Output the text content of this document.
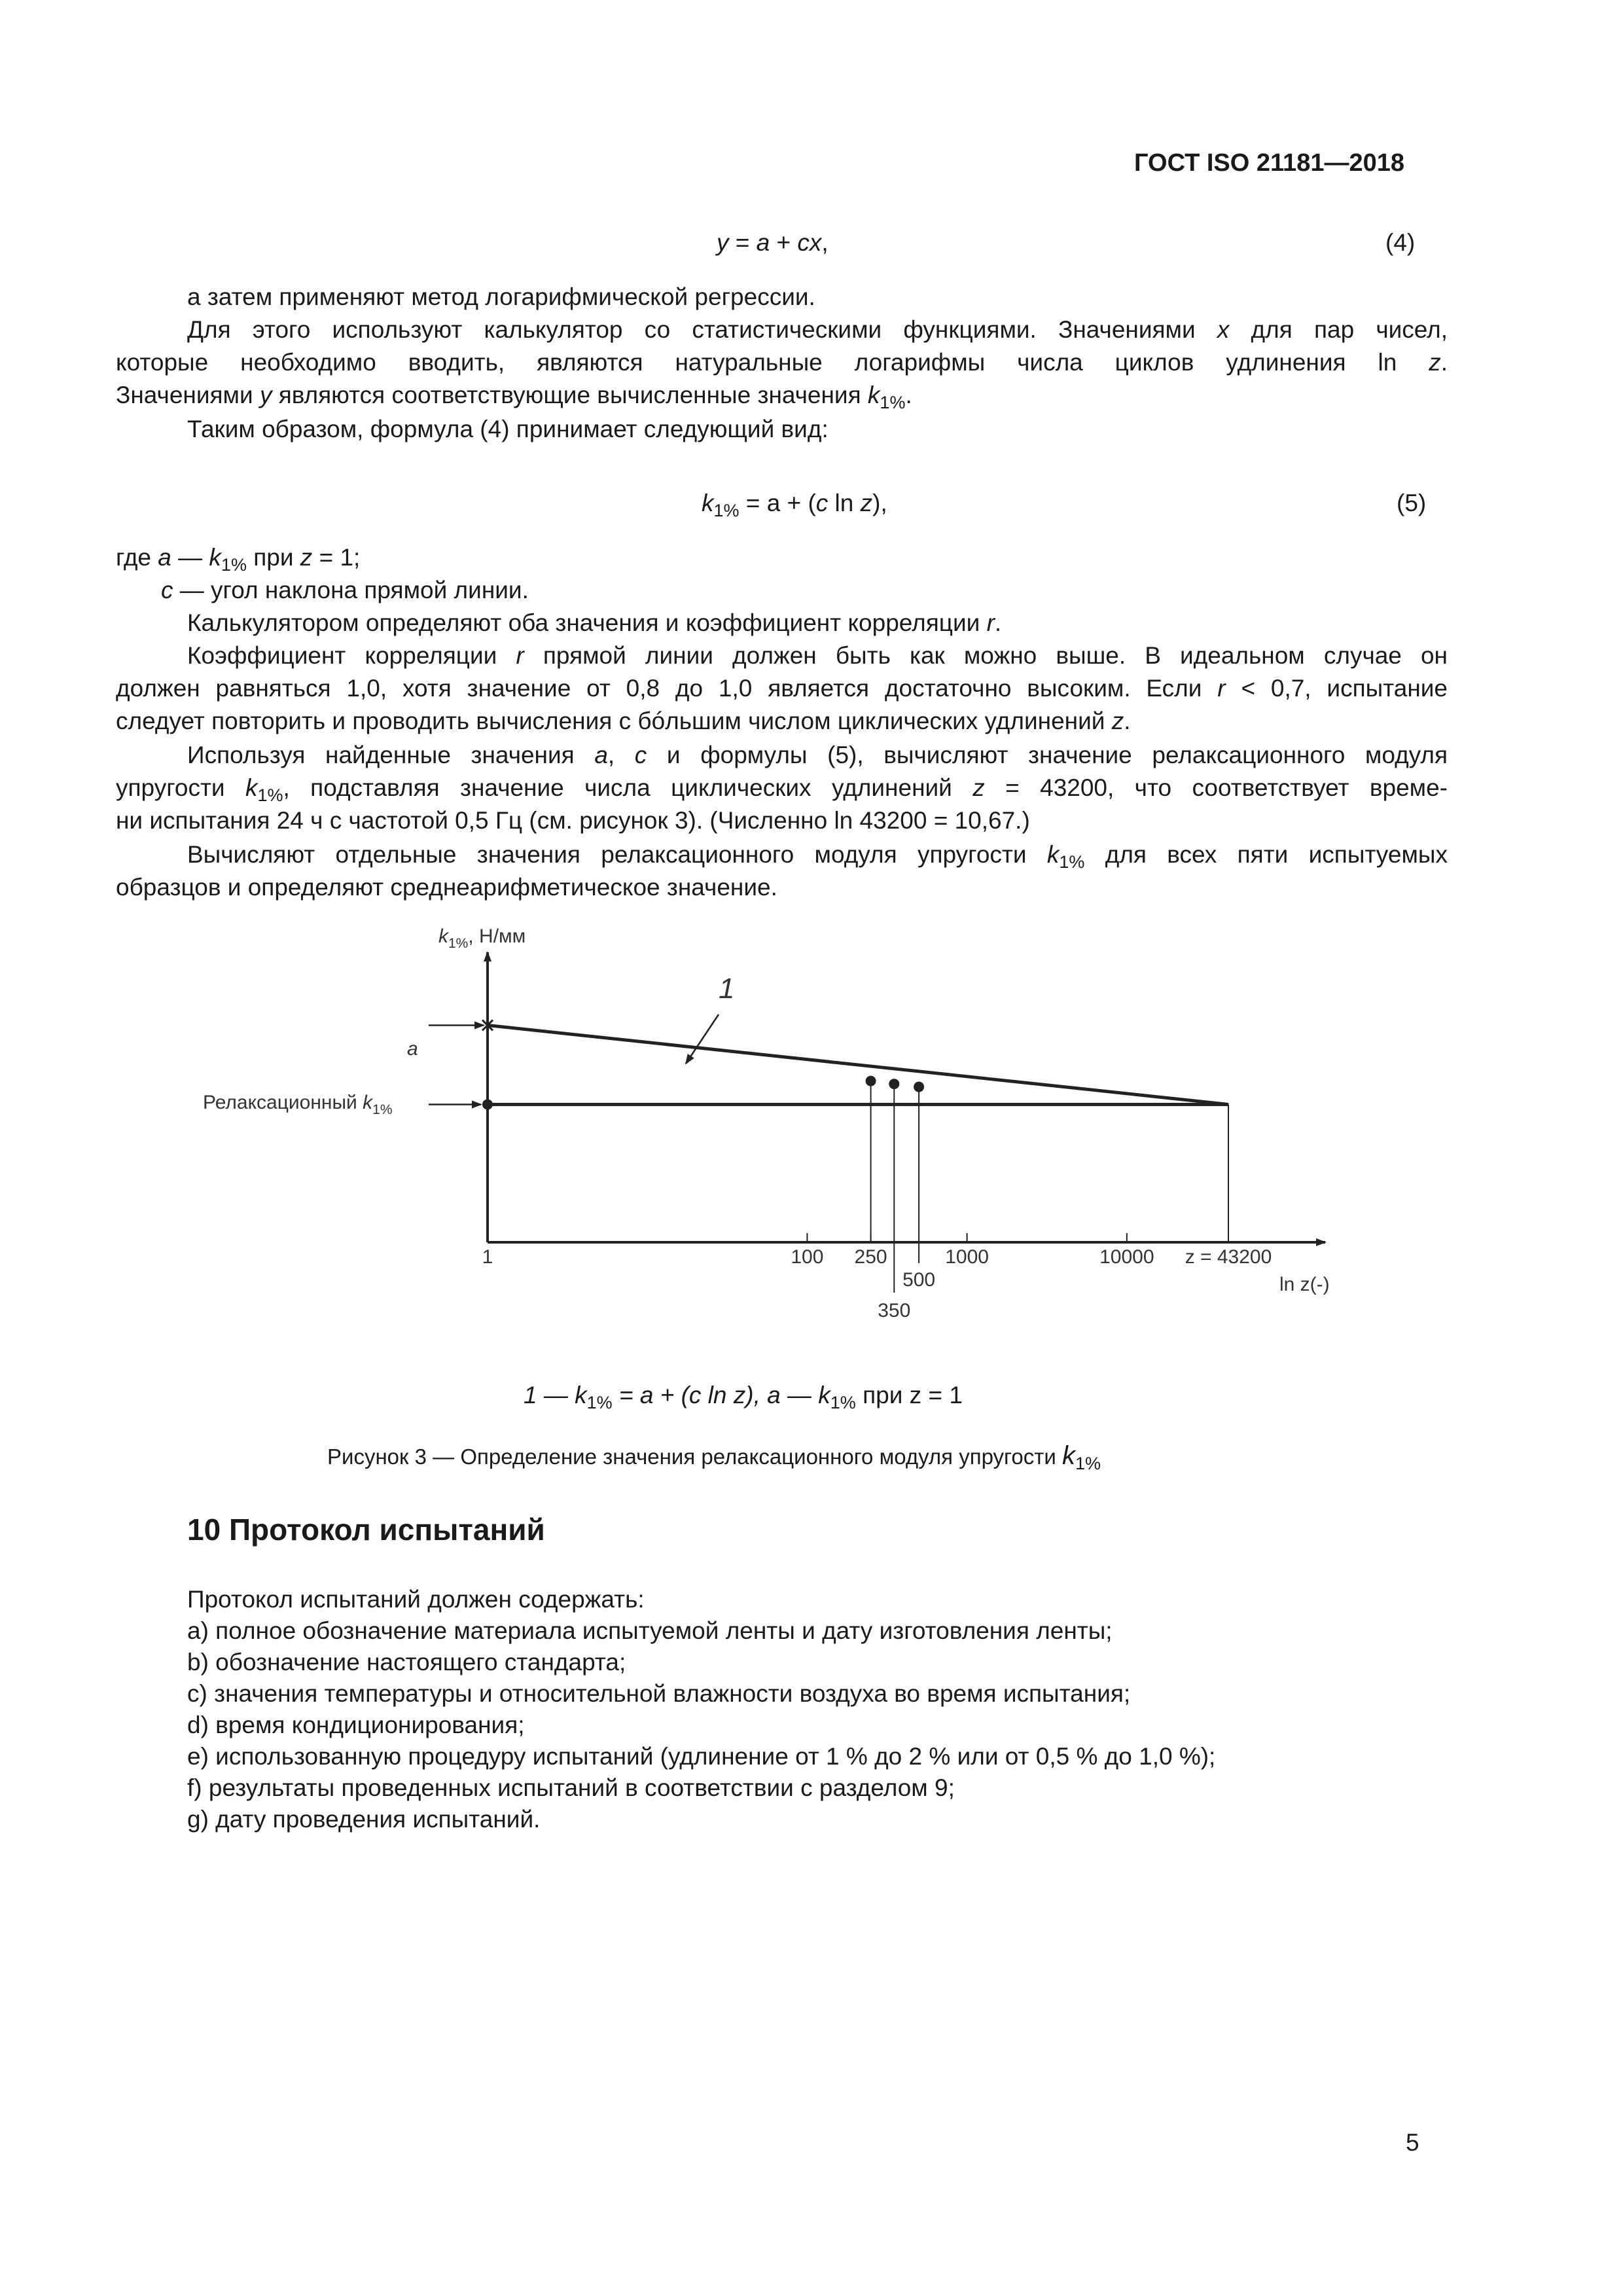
ГОСТ ISO 21181—2018
y = a + cx,	(4)
а затем применяют метод логарифмической регрессии.
Для этого используют калькулятор со статистическими функциями. Значениями x для пар чисел,
которые необходимо вводить, являются натуральные логарифмы числа циклов удлинения ln z.
Значениями y являются соответствующие вычисленные значения $k_{1\%}$.
Таким образом, формула (4) принимает следующий вид:
$k_{1\%} = a + (c$ ln z),	(5)
где a — $k_{1\%}$ при z = 1;
c — угол наклона прямой линии.
Калькулятором определяют оба значения и коэффициент корреляции r.
Коэффициент корреляции r прямой линии должен быть как можно выше. В идеальном случае он
должен равняться 1,0, хотя значение от 0,8 до 1,0 является достаточно высоким. Если r < 0,7, испытание
следует повторить и проводить вычисления с бóльшим числом циклических удлинений z.
Используя найденные значения a, c и формулы (5), вычисляют значение релаксационного модуля
упругости $k_{1\%}$, подставляя значение числа циклических удлинений z = 43200, что соответствует време-
ни испытания 24 ч с частотой 0,5 Гц (см. рисунок 3). (Численно ln 43200 = 10,67.)
Вычисляют отдельные значения релаксационного модуля упругости $k_{1\%}$ для всех пяти испытуемых
образцов и определяют среднеарифметическое значение.
1	100 250
350
500
1000	10000 z = 43200
$k_{1\%}$, Н/мм
a
Релаксационный $k_{1\%}$
1
ln z(-)
1 — $k_{1\%} = a + (c$ ln z), a — $k_{1\%}$ при z = 1
Рисунок 3 — Определение значения релаксационного модуля упругости $k_{1\%}$
10 Протокол испытаний
Протокол испытаний должен содержать:
a) полное обозначение материала испытуемой ленты и дату изготовления ленты;
b) обозначение настоящего стандарта;
c) значения температуры и относительной влажности воздуха во время испытания;
d) время кондиционирования;
e) использованную процедуру испытаний (удлинение от 1 % до 2 % или от 0,5 % до 1,0 %);
f) результаты проведенных испытаний в соответствии с разделом 9;
g) дату проведения испытаний.
5
